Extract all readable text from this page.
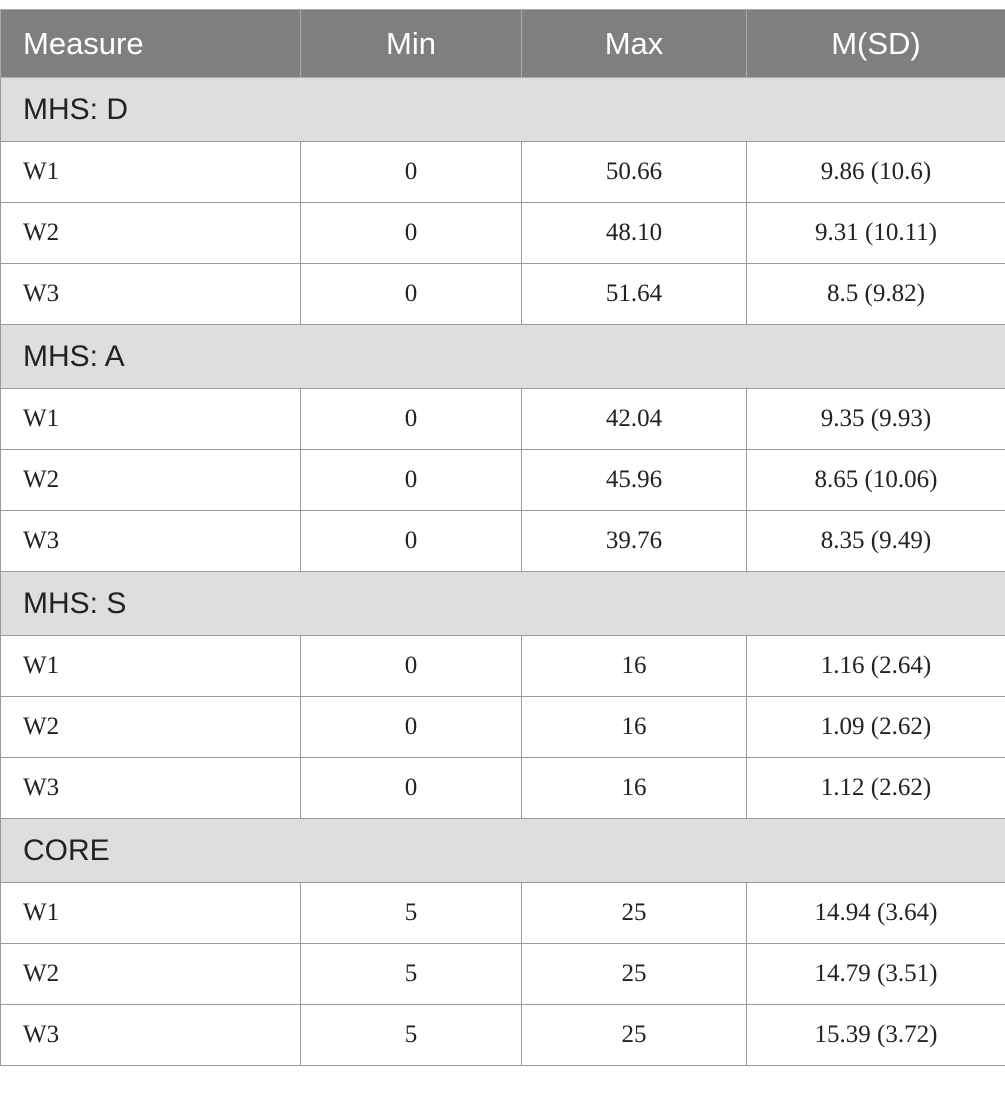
Measure	Min	Max	M(SD)
MHS: D			
W1	0	50.66	9.86 (10.6)
W2	0	48.10	9.31 (10.11)
W3	0	51.64	8.5 (9.82)
MHS: A			
W1	0	42.04	9.35 (9.93)
W2	0	45.96	8.65 (10.06)
W3	0	39.76	8.35 (9.49)
MHS: S			
W1	0	16	1.16 (2.64)
W2	0	16	1.09 (2.62)
W3	0	16	1.12 (2.62)
CORE			
W1	5	25	14.94 (3.64)
W2	5	25	14.79 (3.51)
W3	5	25	15.39 (3.72)
